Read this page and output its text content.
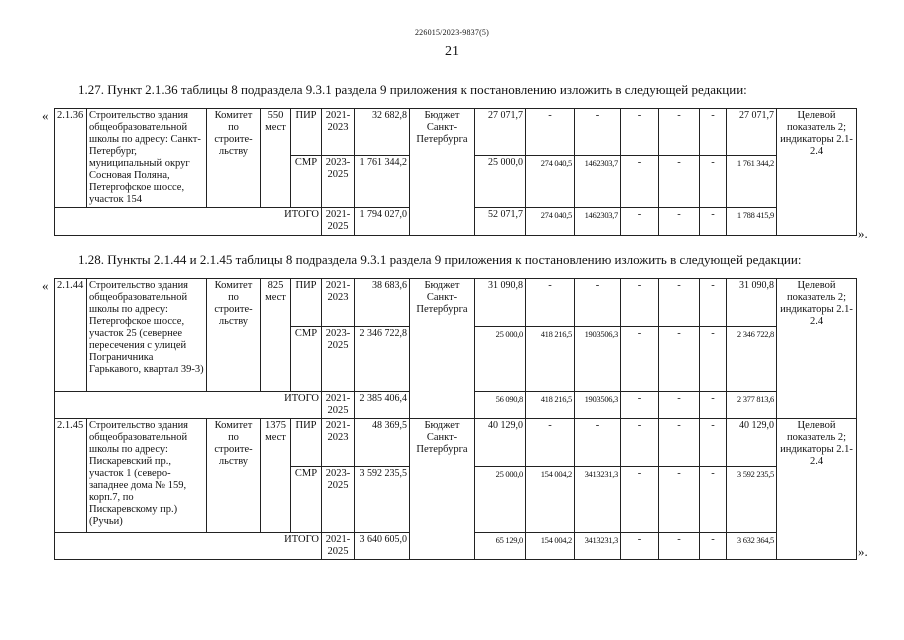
226015/2023-9837(5)
21
1.27. Пункт 2.1.36 таблицы 8 подраздела 9.3.1 раздела 9 приложения к постановлению изложить в следующей редакции:
« 2.1.36	Строительство здания общеобразовательной школы по адресу: Санкт-Петербург, муниципальный округ Сосновая Поляна, Петергофское шоссе, участок 154	Комитет по строите-льству	550 мест	ПИР	2021-2023	32 682,8	Бюджет Санкт-Петербурга	27 071,7	-	-	-	-	-	27 071,7	Целевой показатель 2; индикаторы 2.1-2.4
				СМР	2023-2025	1 761 344,2		25 000,0	274 040,5	1462303,7	-	-	-	1 761 344,2	
ИТОГО					2021-2025	1 794 027,0		52 071,7	274 040,5	1462303,7	-	-	-	1 788 415,9	
».
1.28. Пункты 2.1.44 и 2.1.45 таблицы 8 подраздела 9.3.1 раздела 9 приложения к постановлению изложить в следующей редакции:
« 2.1.44	Строительство здания общеобразовательной школы по адресу: Петергофское шоссе, участок 25 (севернее пересечения с улицей Пограничника Гарькавого, квартал 39-3)	Комитет по строите-льству	825 мест	ПИР	2021-2023	38 683,6	Бюджет Санкт-Петербурга	31 090,8	-	-	-	-	-	31 090,8	Целевой показатель 2; индикаторы 2.1-2.4
				СМР	2023-2025	2 346 722,8		25 000,0	418 216,5	1903506,3	-	-	-	2 346 722,8	
ИТОГО					2021-2025	2 385 406,4		56 090,8	418 216,5	1903506,3	-	-	-	2 377 813,6	
2.1.45	Строительство здания общеобразовательной школы по адресу: Пискаревский пр., участок 1 (северо-западнее дома № 159, корп.7, по Пискаревскому пр.) (Ручьи)	Комитет по строите-льству	1375 мест	ПИР	2021-2023	48 369,5	Бюджет Санкт-Петербурга	40 129,0	-	-	-	-	-	40 129,0	Целевой показатель 2; индикаторы 2.1-2.4
				СМР	2023-2025	3 592 235,5		25 000,0	154 004,2	3413231,3	-	-	-	3 592 235,5	
ИТОГО					2021-2025	3 640 605,0		65 129,0	154 004,2	3413231,3	-	-	-	3 632 364,5	
».
